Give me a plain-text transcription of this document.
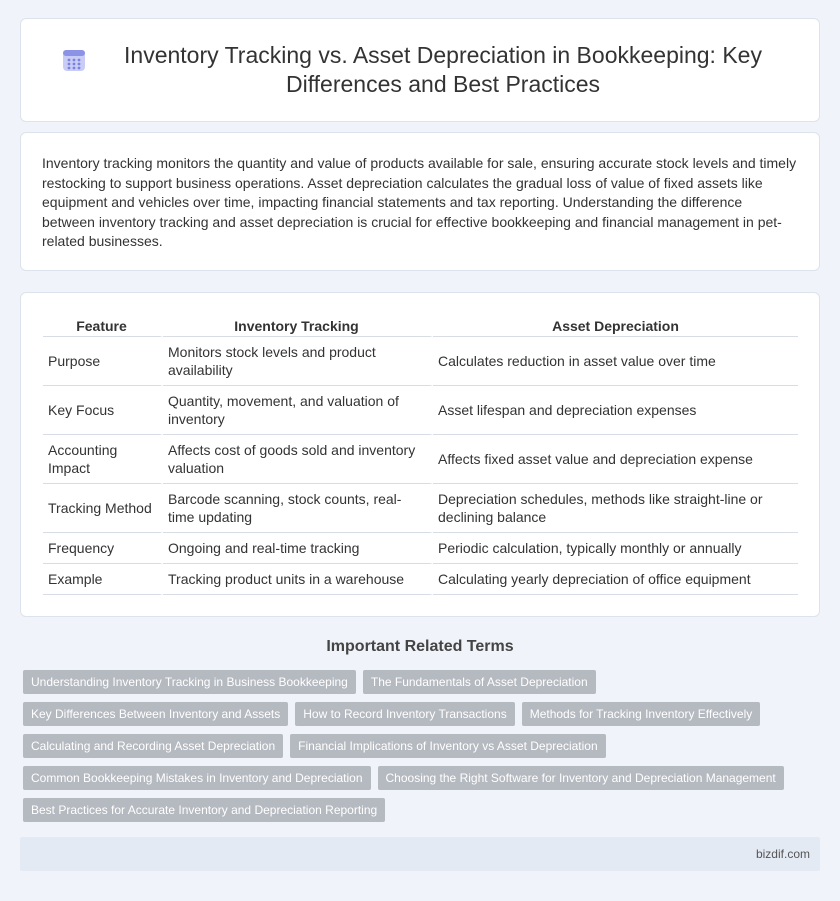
Inventory Tracking vs. Asset Depreciation in Bookkeeping: Key Differences and Best Practices

Inventory tracking monitors the quantity and value of products available for sale, ensuring accurate stock levels and timely restocking to support business operations. Asset depreciation calculates the gradual loss of value of fixed assets like equipment and vehicles over time, impacting financial statements and tax reporting. Understanding the difference between inventory tracking and asset depreciation is crucial for effective bookkeeping and financial management in pet-related businesses.

Feature	Inventory Tracking	Asset Depreciation
Purpose	Monitors stock levels and product availability	Calculates reduction in asset value over time
Key Focus	Quantity, movement, and valuation of inventory	Asset lifespan and depreciation expenses
Accounting Impact	Affects cost of goods sold and inventory valuation	Affects fixed asset value and depreciation expense
Tracking Method	Barcode scanning, stock counts, real-time updating	Depreciation schedules, methods like straight-line or declining balance
Frequency	Ongoing and real-time tracking	Periodic calculation, typically monthly or annually
Example	Tracking product units in a warehouse	Calculating yearly depreciation of office equipment
Important Related Terms
Understanding Inventory Tracking in Business Bookkeeping	The Fundamentals of Asset Depreciation
Key Differences Between Inventory and Assets	How to Record Inventory Transactions	Methods for Tracking Inventory Effectively
Calculating and Recording Asset Depreciation	Financial Implications of Inventory vs Asset Depreciation
Common Bookkeeping Mistakes in Inventory and Depreciation	Choosing the Right Software for Inventory and Depreciation Management
Best Practices for Accurate Inventory and Depreciation Reporting
bizdif.com
